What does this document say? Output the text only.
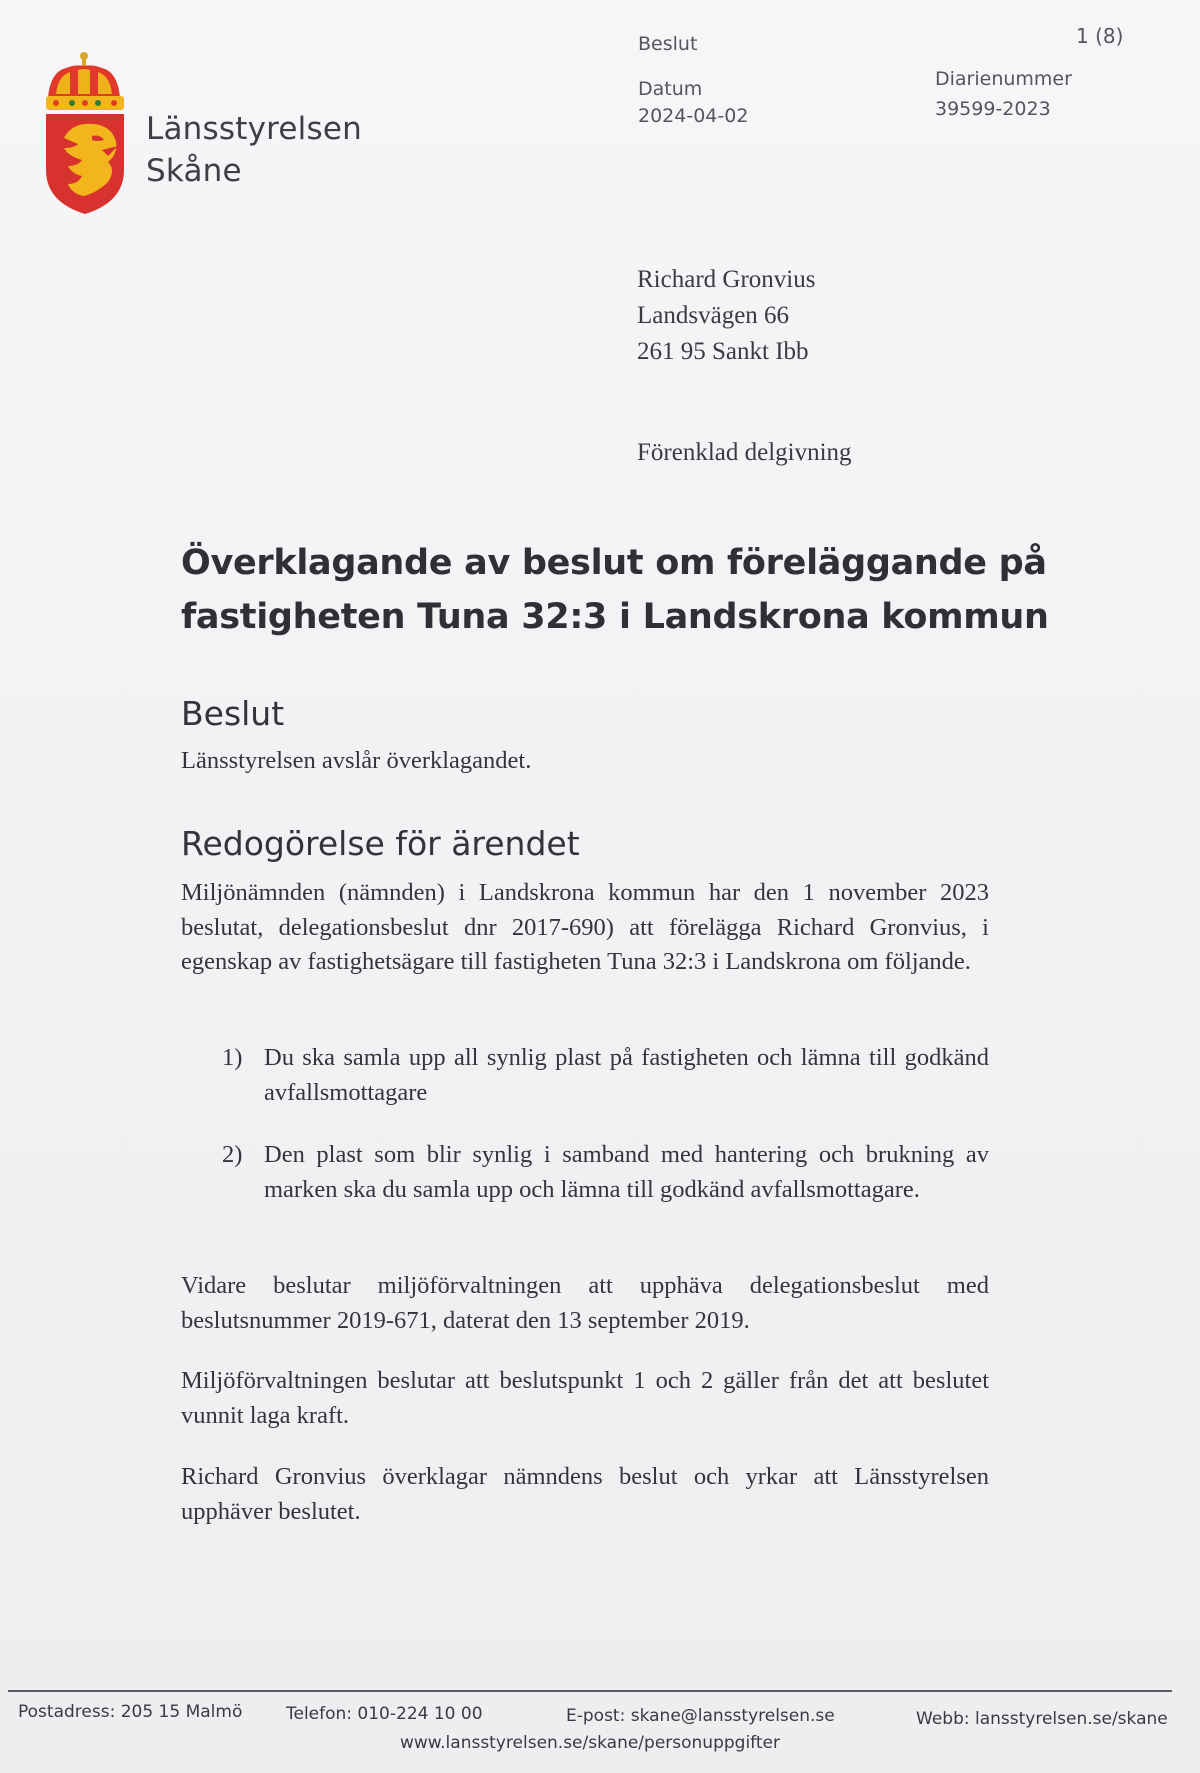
Länsstyrelsen
Skåne
Beslut	1 (8)
Datum
2024-04-02
Diarienummer
39599-2023
Richard Gronvius
Landsvägen 66
261 95 Sankt Ibb
Förenklad delgivning
Överklagande av beslut om föreläggande på
fastigheten Tuna 32:3 i Landskrona kommun
Beslut
Länsstyrelsen avslår överklagandet.
Redogörelse för ärendet
Miljönämnden (nämnden) i Landskrona kommun har den 1 november 2023 beslutat, delegationsbeslut dnr 2017-690) att förelägga Richard Gronvius, i egenskap av fastighetsägare till fastigheten Tuna 32:3 i Landskrona om följande.
1) Du ska samla upp all synlig plast på fastigheten och lämna till godkänd avfallsmottagare
2) Den plast som blir synlig i samband med hantering och brukning av marken ska du samla upp och lämna till godkänd avfallsmottagare.
Vidare beslutar miljöförvaltningen att upphäva delegationsbeslut med beslutsnummer 2019-671, daterat den 13 september 2019.
Miljöförvaltningen beslutar att beslutspunkt 1 och 2 gäller från det att beslutet vunnit laga kraft.
Richard Gronvius överklagar nämndens beslut och yrkar att Länsstyrelsen upphäver beslutet.
Postadress: 205 15 Malmö	Telefon: 010-224 10 00	E-post: skane@lansstyrelsen.se	Webb: lansstyrelsen.se/skane
www.lansstyrelsen.se/skane/personuppgifter
